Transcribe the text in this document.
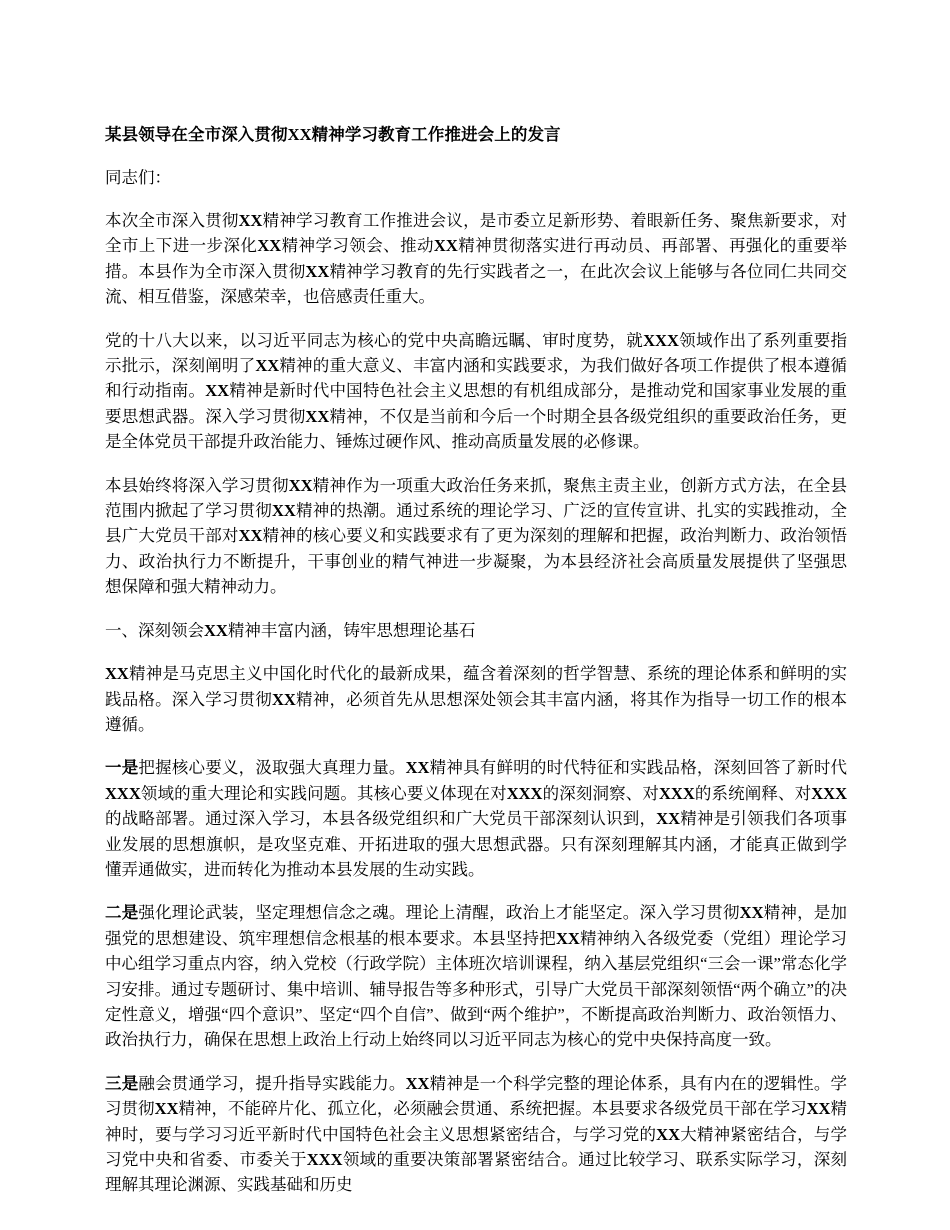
某县领导在全市深入贯彻XX精神学习教育工作推进会上的发言
同志们：

本次全市深入贯彻XX精神学习教育工作推进会议，是市委立足新形势、着眼新任务、聚焦新要求，对全市上下进一步深化XX精神学习领会、推动XX精神贯彻落实进行再动员、再部署、再强化的重要举措。本县作为全市深入贯彻XX精神学习教育的先行实践者之一，在此次会议上能够与各位同仁共同交流、相互借鉴，深感荣幸，也倍感责任重大。

党的十八大以来，以习近平同志为核心的党中央高瞻远瞩、审时度势，就XXX领域作出了系列重要指示批示，深刻阐明了XX精神的重大意义、丰富内涵和实践要求，为我们做好各项工作提供了根本遵循和行动指南。XX精神是新时代中国特色社会主义思想的有机组成部分，是推动党和国家事业发展的重要思想武器。深入学习贯彻XX精神，不仅是当前和今后一个时期全县各级党组织的重要政治任务，更是全体党员干部提升政治能力、锤炼过硬作风、推动高质量发展的必修课。

本县始终将深入学习贯彻XX精神作为一项重大政治任务来抓，聚焦主责主业，创新方式方法，在全县范围内掀起了学习贯彻XX精神的热潮。通过系统的理论学习、广泛的宣传宣讲、扎实的实践推动，全县广大党员干部对XX精神的核心要义和实践要求有了更为深刻的理解和把握，政治判断力、政治领悟力、政治执行力不断提升，干事创业的精气神进一步凝聚，为本县经济社会高质量发展提供了坚强思想保障和强大精神动力。

一、深刻领会XX精神丰富内涵，铸牢思想理论基石

XX精神是马克思主义中国化时代化的最新成果，蕴含着深刻的哲学智慧、系统的理论体系和鲜明的实践品格。深入学习贯彻XX精神，必须首先从思想深处领会其丰富内涵，将其作为指导一切工作的根本遵循。

一是把握核心要义，汲取强大真理力量。XX精神具有鲜明的时代特征和实践品格，深刻回答了新时代XXX领域的重大理论和实践问题。其核心要义体现在对XXX的深刻洞察、对XXX的系统阐释、对XXX的战略部署。通过深入学习，本县各级党组织和广大党员干部深刻认识到，XX精神是引领我们各项事业发展的思想旗帜，是攻坚克难、开拓进取的强大思想武器。只有深刻理解其内涵，才能真正做到学懂弄通做实，进而转化为推动本县发展的生动实践。

二是强化理论武装，坚定理想信念之魂。理论上清醒，政治上才能坚定。深入学习贯彻XX精神，是加强党的思想建设、筑牢理想信念根基的根本要求。本县坚持把XX精神纳入各级党委（党组）理论学习中心组学习重点内容，纳入党校（行政学院）主体班次培训课程，纳入基层党组织“三会一课”常态化学习安排。通过专题研讨、集中培训、辅导报告等多种形式，引导广大党员干部深刻领悟“两个确立”的决定性意义，增强“四个意识”、坚定“四个自信”、做到“两个维护”，不断提高政治判断力、政治领悟力、政治执行力，确保在思想上政治上行动上始终同以习近平同志为核心的党中央保持高度一致。

三是融会贯通学习，提升指导实践能力。XX精神是一个科学完整的理论体系，具有内在的逻辑性。学习贯彻XX精神，不能碎片化、孤立化，必须融会贯通、系统把握。本县要求各级党员干部在学习XX精神时，要与学习习近平新时代中国特色社会主义思想紧密结合，与学习党的XX大精神紧密结合，与学习党中央和省委、市委关于XXX领域的重要决策部署紧密结合。通过比较学习、联系实际学习，深刻理解其理论渊源、实践基础和历史
